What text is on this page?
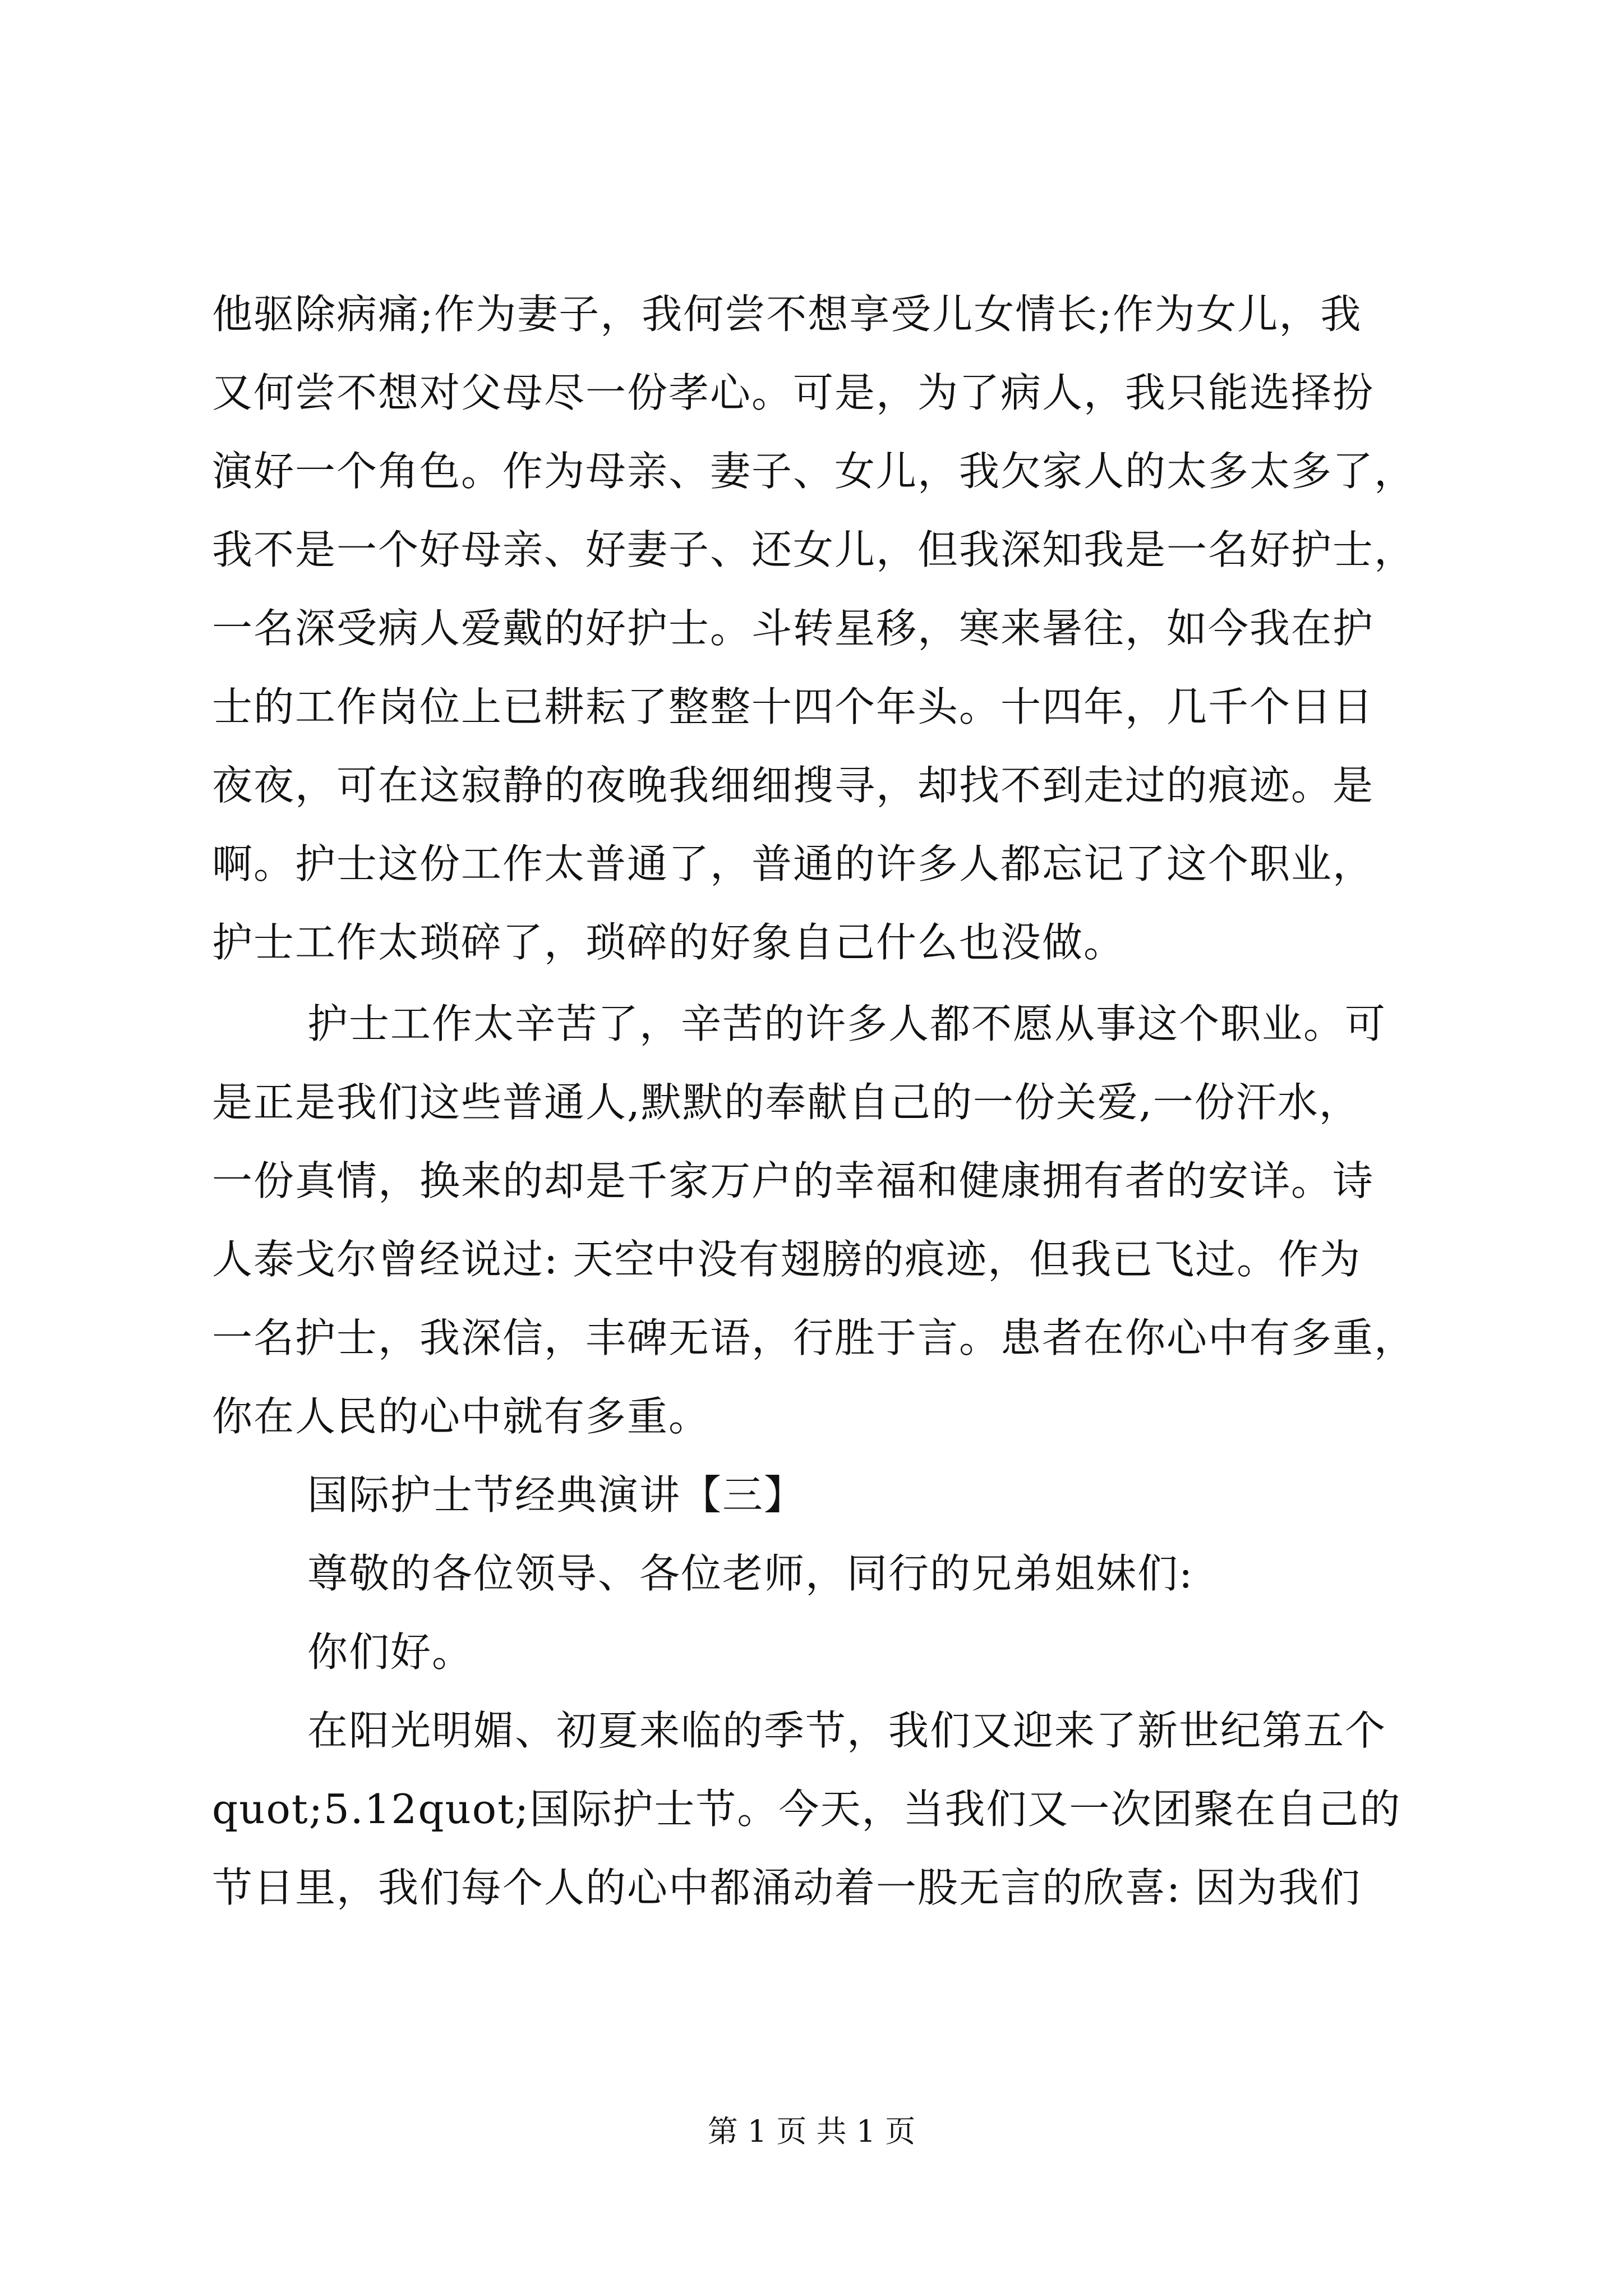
他驱除病痛;作为妻子，我何尝不想享受儿女情长;作为女儿，我
又何尝不想对父母尽一份孝心。可是，为了病人，我只能选择扮
演好一个角色。作为母亲、妻子、女儿，我欠家人的太多太多了，
我不是一个好母亲、好妻子、还女儿，但我深知我是一名好护士，
一名深受病人爱戴的好护士。斗转星移，寒来暑往，如今我在护
士的工作岗位上已耕耘了整整十四个年头。十四年，几千个日日
夜夜，可在这寂静的夜晚我细细搜寻，却找不到走过的痕迹。是
啊。护士这份工作太普通了，普通的许多人都忘记了这个职业，
护士工作太琐碎了，琐碎的好象自己什么也没做。
护士工作太辛苦了，辛苦的许多人都不愿从事这个职业。可
是正是我们这些普通人,默默的奉献自己的一份关爱,一份汗水，
一份真情，换来的却是千家万户的幸福和健康拥有者的安详。诗
人泰戈尔曾经说过: 天空中没有翅膀的痕迹，但我已飞过。作为
一名护士，我深信，丰碑无语，行胜于言。患者在你心中有多重，
你在人民的心中就有多重。
国际护士节经典演讲【三】
尊敬的各位领导、各位老师，同行的兄弟姐妹们:
你们好。
在阳光明媚、初夏来临的季节，我们又迎来了新世纪第五个
quot;5.12quot;国际护士节。今天，当我们又一次团聚在自己的
节日里，我们每个人的心中都涌动着一股无言的欣喜: 因为我们
第 1 页 共 1 页
